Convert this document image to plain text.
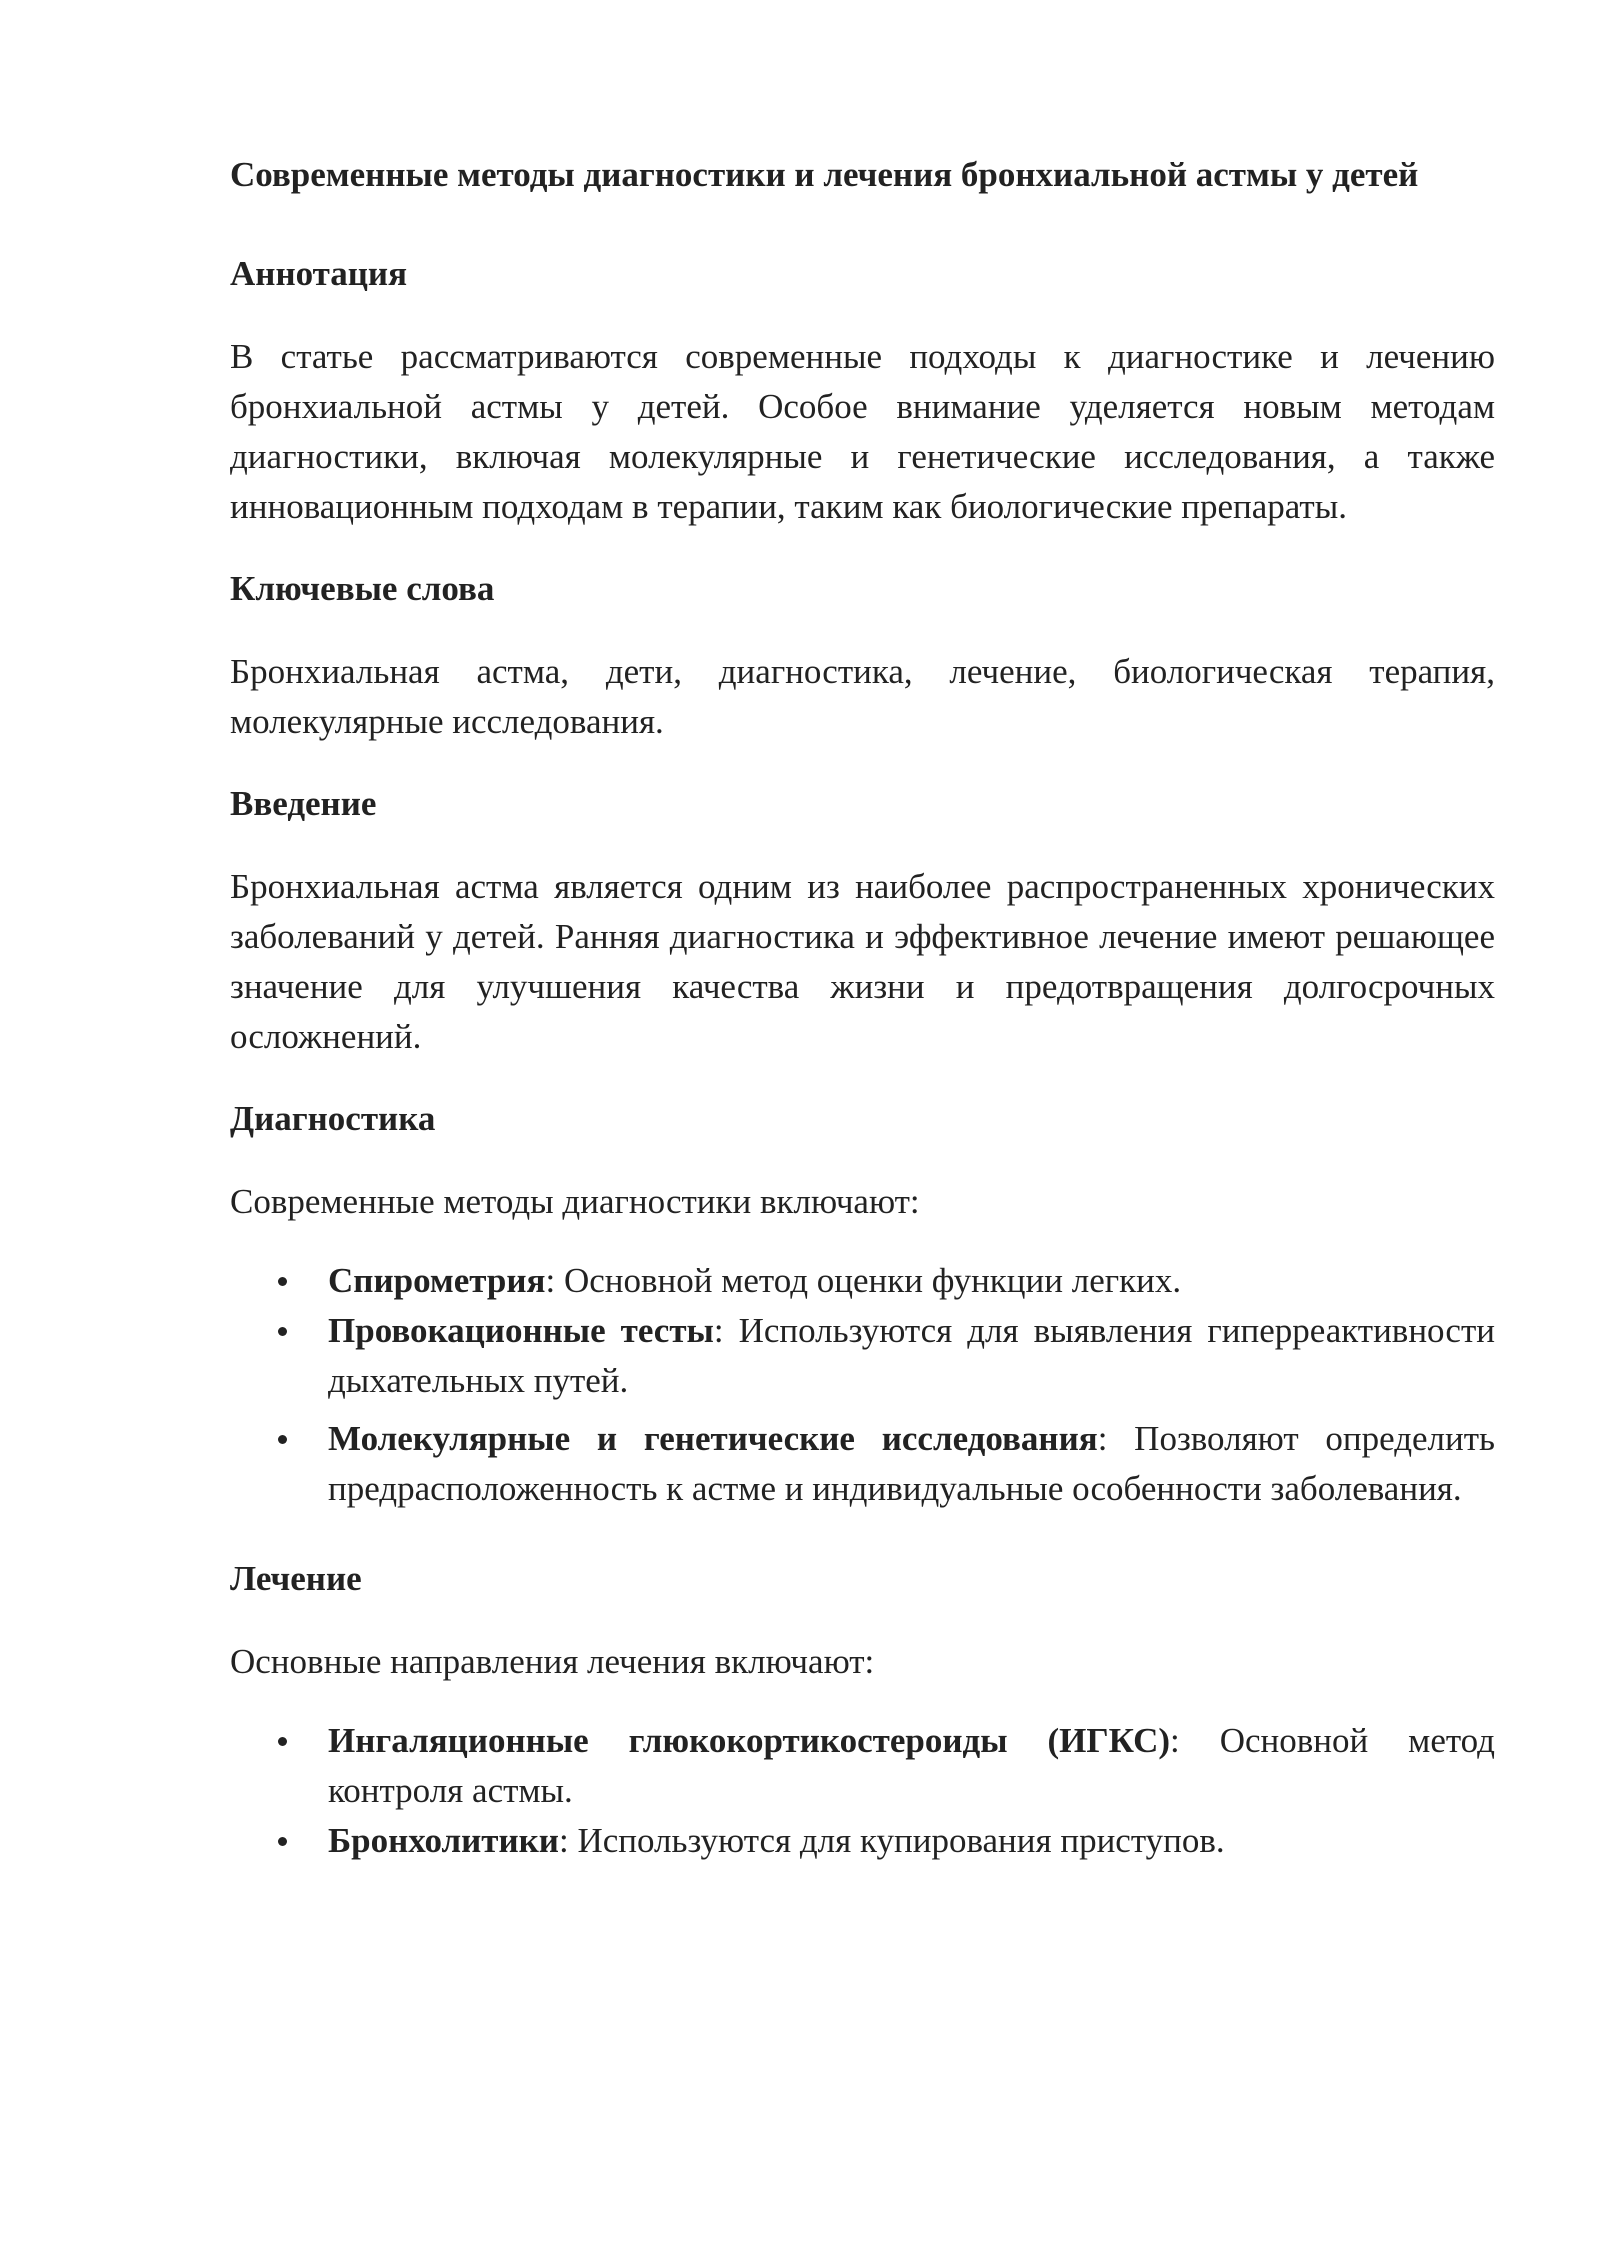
Современные методы диагностики и лечения бронхиальной астмы у детей
Аннотация

В статье рассматриваются современные подходы к диагностике и лечению бронхиальной астмы у детей. Особое внимание уделяется новым методам диагностики, включая молекулярные и генетические исследования, а также инновационным подходам в терапии, таким как биологические препараты.

Ключевые слова

Бронхиальная астма, дети, диагностика, лечение, биологическая терапия, молекулярные исследования.

Введение

Бронхиальная астма является одним из наиболее распространенных хронических заболеваний у детей. Ранняя диагностика и эффективное лечение имеют решающее значение для улучшения качества жизни и предотвращения долгосрочных осложнений.

Диагностика

Современные методы диагностики включают:

Спирометрия: Основной метод оценки функции легких.
Провокационные тесты: Используются для выявления гиперреактивности дыхательных путей.
Молекулярные и генетические исследования: Позволяют определить предрасположенность к астме и индивидуальные особенности заболевания.
Лечение

Основные направления лечения включают:

Ингаляционные глюкокортикостероиды (ИГКС): Основной метод контроля астмы.
Бронхолитики: Используются для купирования приступов.
